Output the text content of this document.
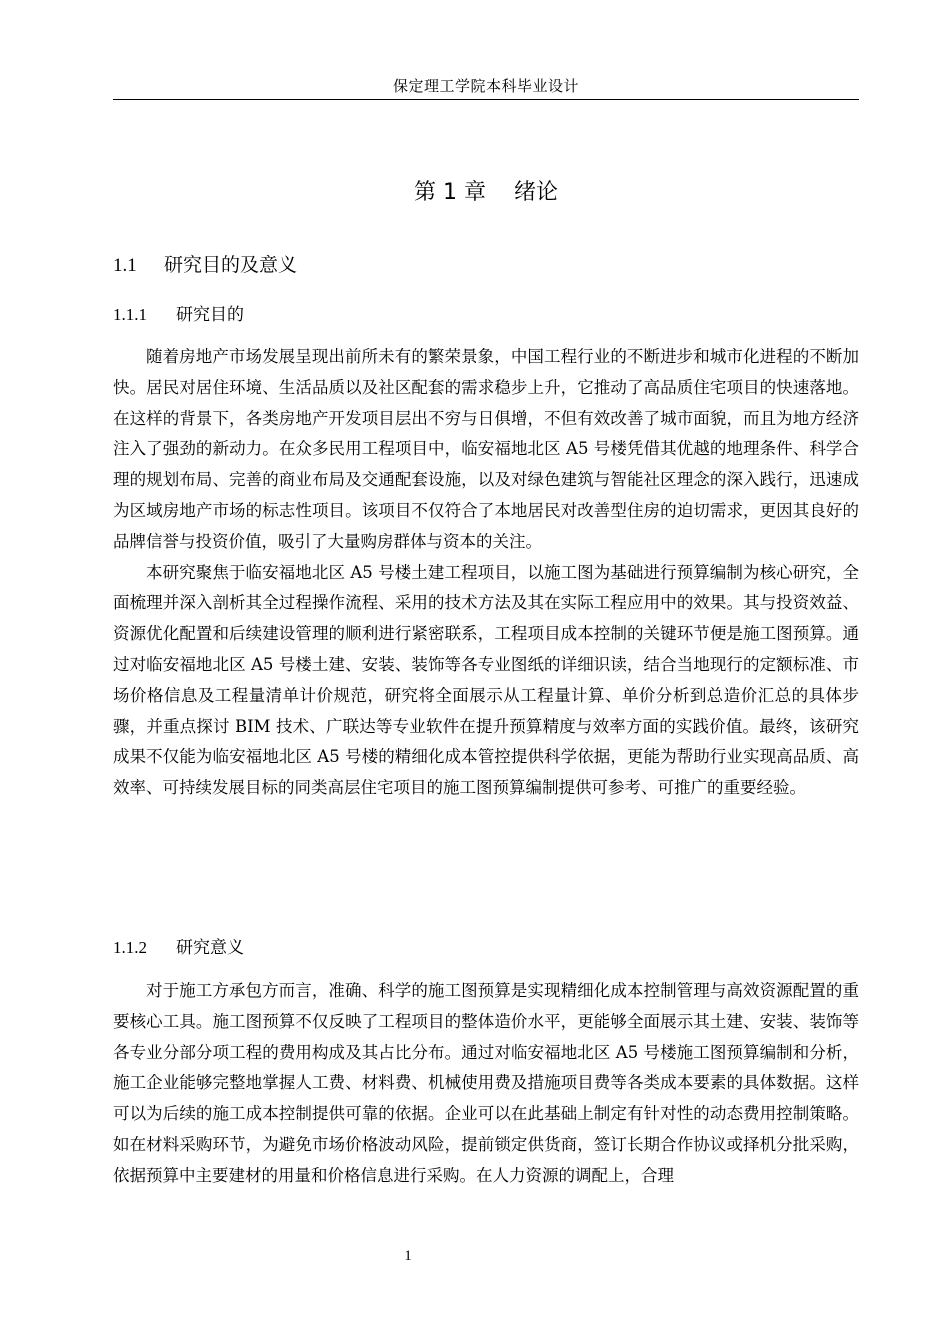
保定理工学院本科毕业设计
第 1 章    绪论
1.1 研究目的及意义
1.1.1 研究目的

随着房地产市场发展呈现出前所未有的繁荣景象，中国工程行业的不断进步和城市化进程的不断加快。居民对居住环境、生活品质以及社区配套的需求稳步上升，它推动了高品质住宅项目的快速落地。在这样的背景下，各类房地产开发项目层出不穷与日俱增，不但有效改善了城市面貌，而且为地方经济注入了强劲的新动力。在众多民用工程项目中，临安福地北区 A5 号楼凭借其优越的地理条件、科学合理的规划布局、完善的商业布局及交通配套设施，以及对绿色建筑与智能社区理念的深入践行，迅速成为区域房地产市场的标志性项目。该项目不仅符合了本地居民对改善型住房的迫切需求，更因其良好的品牌信誉与投资价值，吸引了大量购房群体与资本的关注。

本研究聚焦于临安福地北区 A5 号楼土建工程项目，以施工图为基础进行预算编制为核心研究，全面梳理并深入剖析其全过程操作流程、采用的技术方法及其在实际工程应用中的效果。其与投资效益、资源优化配置和后续建设管理的顺利进行紧密联系，工程项目成本控制的关键环节便是施工图预算。通过对临安福地北区 A5 号楼土建、安装、装饰等各专业图纸的详细识读，结合当地现行的定额标准、市场价格信息及工程量清单计价规范，研究将全面展示从工程量计算、单价分析到总造价汇总的具体步骤，并重点探讨 BIM 技术、广联达等专业软件在提升预算精度与效率方面的实践价值。最终，该研究成果不仅能为临安福地北区 A5 号楼的精细化成本管控提供科学依据，更能为帮助行业实现高品质、高效率、可持续发展目标的同类高层住宅项目的施工图预算编制提供可参考、可推广的重要经验。

1.1.2 研究意义

对于施工方承包方而言，准确、科学的施工图预算是实现精细化成本控制管理与高效资源配置的重要核心工具。施工图预算不仅反映了工程项目的整体造价水平，更能够全面展示其土建、安装、装饰等各专业分部分项工程的费用构成及其占比分布。通过对临安福地北区 A5 号楼施工图预算编制和分析，施工企业能够完整地掌握人工费、材料费、机械使用费及措施项目费等各类成本要素的具体数据。这样可以为后续的施工成本控制提供可靠的依据。企业可以在此基础上制定有针对性的动态费用控制策略。如在材料采购环节，为避免市场价格波动风险，提前锁定供货商，签订长期合作协议或择机分批采购，依据预算中主要建材的用量和价格信息进行采购。在人力资源的调配上，合理

1
